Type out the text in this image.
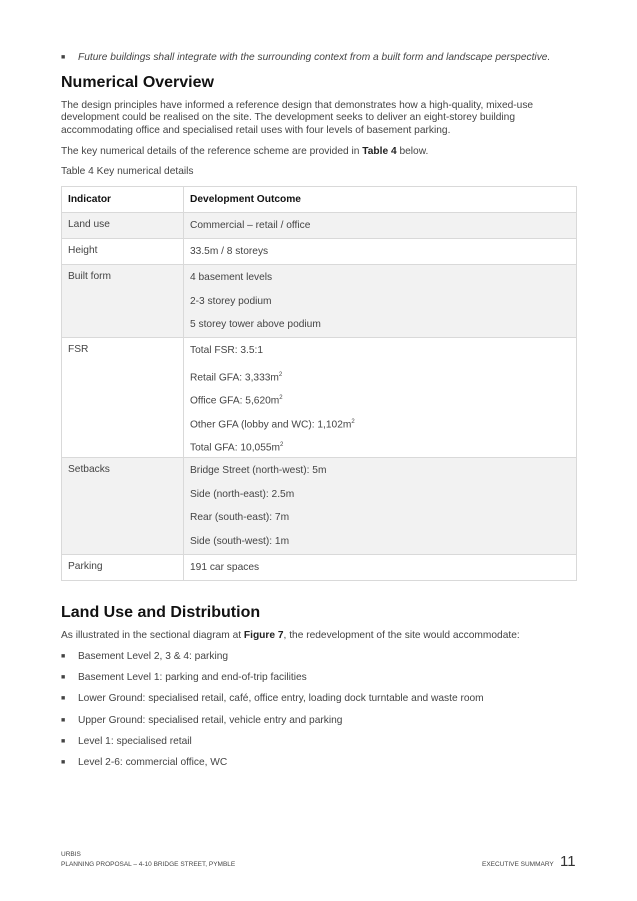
■ Future buildings shall integrate with the surrounding context from a built form and landscape perspective.
Numerical Overview
The design principles have informed a reference design that demonstrates how a high-quality, mixed-use development could be realised on the site. The development seeks to deliver an eight-storey building accommodating office and specialised retail uses with four levels of basement parking.
The key numerical details of the reference scheme are provided in Table 4 below.
Table 4 Key numerical details
Indicator	Development Outcome
Land use	Commercial – retail / office

Height	33.5m / 8 storeys

Built form	4 basement levels
2-3 storey podium
5 storey tower above podium

FSR	Total FSR: 3.5:1
Retail GFA: $3,333m^2$
Office GFA: $5,620m^2$
Other GFA (lobby and WC): $1,102m^2$
Total GFA: $10,055m^2$

Setbacks	Bridge Street (north-west): 5m
Side (north-east): 2.5m
Rear (south-east): 7m
Side (south-west): 1m

Parking	191 car spaces
Land Use and Distribution
As illustrated in the sectional diagram at Figure 7, the redevelopment of the site would accommodate:
■ Basement Level 2, 3 & 4: parking
■ Basement Level 1: parking and end-of-trip facilities
■ Lower Ground: specialised retail, café, office entry, loading dock turntable and waste room
■ Upper Ground: specialised retail, vehicle entry and parking
■ Level 1: specialised retail
■ Level 2-6: commercial office, WC
URBIS
PLANNING PROPOSAL – 4-10 BRIDGE STREET, PYMBLE	EXECUTIVE SUMMARY 11
